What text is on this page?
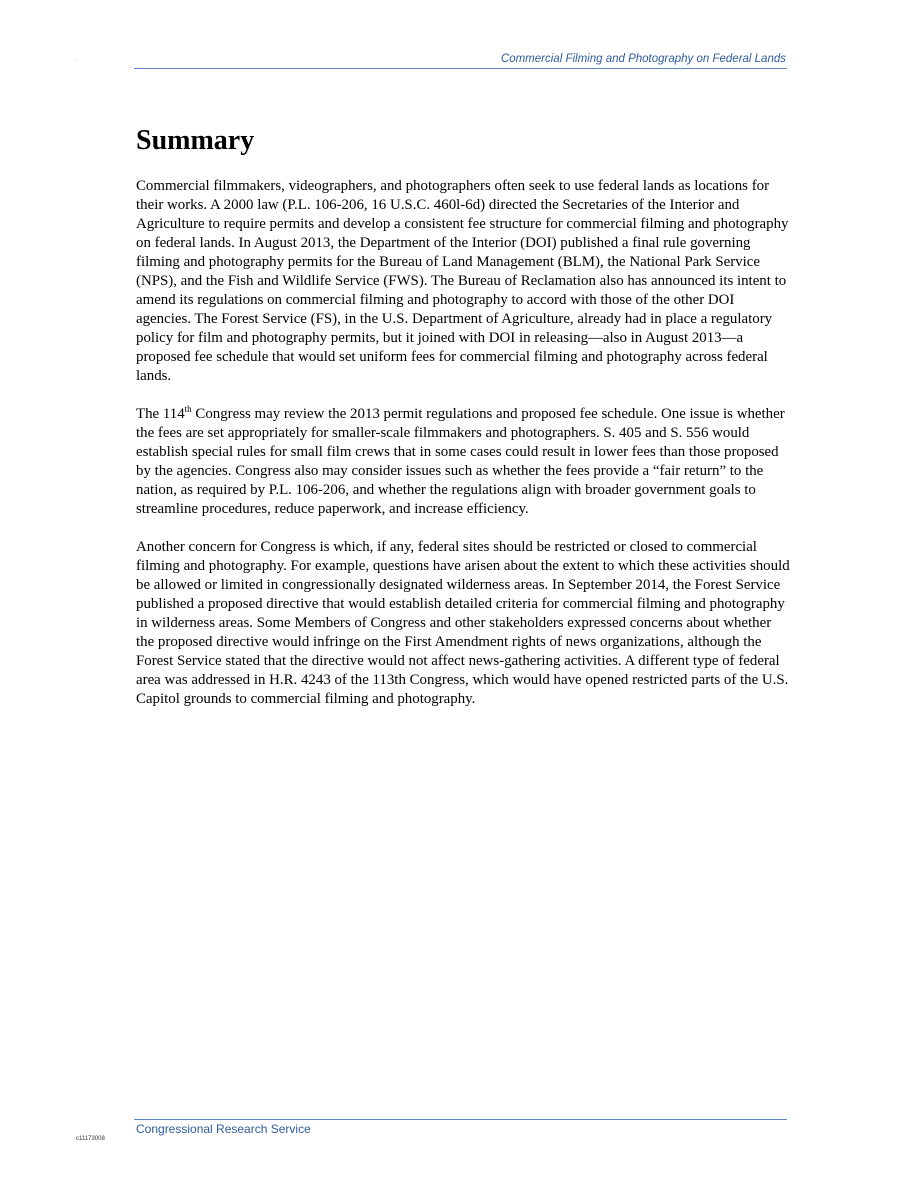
Commercial Filming and Photography on Federal Lands
Summary

Commercial filmmakers, videographers, and photographers often seek to use federal lands as locations for their works. A 2000 law (P.L. 106-206, 16 U.S.C. 460l-6d) directed the Secretaries of the Interior and Agriculture to require permits and develop a consistent fee structure for commercial filming and photography on federal lands. In August 2013, the Department of the Interior (DOI) published a final rule governing filming and photography permits for the Bureau of Land Management (BLM), the National Park Service (NPS), and the Fish and Wildlife Service (FWS). The Bureau of Reclamation also has announced its intent to amend its regulations on commercial filming and photography to accord with those of the other DOI agencies. The Forest Service (FS), in the U.S. Department of Agriculture, already had in place a regulatory policy for film and photography permits, but it joined with DOI in releasing—also in August 2013—a proposed fee schedule that would set uniform fees for commercial filming and photography across federal lands.

The 114th Congress may review the 2013 permit regulations and proposed fee schedule. One issue is whether the fees are set appropriately for smaller-scale filmmakers and photographers. S. 405 and S. 556 would establish special rules for small film crews that in some cases could result in lower fees than those proposed by the agencies. Congress also may consider issues such as whether the fees provide a “fair return” to the nation, as required by P.L. 106-206, and whether the regulations align with broader government goals to streamline procedures, reduce paperwork, and increase efficiency.

Another concern for Congress is which, if any, federal sites should be restricted or closed to commercial filming and photography. For example, questions have arisen about the extent to which these activities should be allowed or limited in congressionally designated wilderness areas. In September 2014, the Forest Service published a proposed directive that would establish detailed criteria for commercial filming and photography in wilderness areas. Some Members of Congress and other stakeholders expressed concerns about whether the proposed directive would infringe on the First Amendment rights of news organizations, although the Forest Service stated that the directive would not affect news-gathering activities. A different type of federal area was addressed in H.R. 4243 of the 113th Congress, which would have opened restricted parts of the U.S. Capitol grounds to commercial filming and photography.

Congressional Research Service
c11173008
